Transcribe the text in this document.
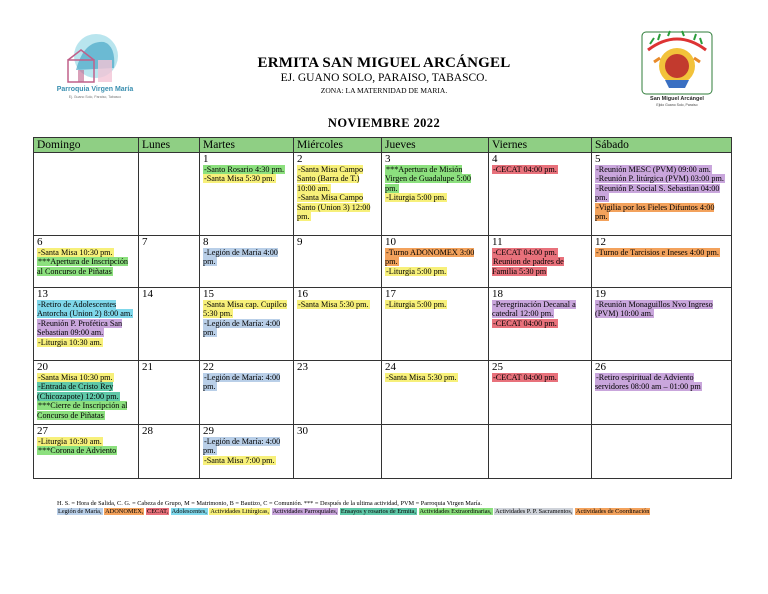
Parroquia Virgen María
Ej. Guano Solo, Paraíso, Tabasco	San Miguel Arcángel
Ejido Guano Solo, Paraíso
ERMITA SAN MIGUEL ARCÁNGEL
EJ. GUANO SOLO, PARAISO, TABASCO.
ZONA: LA MATERNIDAD DE MARIA.
NOVIEMBRE 2022
Domingo	Lunes	Martes	Miércoles	Jueves	Viernes	Sábado

		1
-Santo Rosario 4:30 pm.
-Santa Misa 5:30 pm.	2
-Santa Misa Campo Santo (Barra de T.) 10:00 am.
-Santa Misa Campo Santo (Union 3) 12:00 pm.	3
***Apertura de Misión Virgen de Guadalupe 5:00 pm.
-Liturgia 5:00 pm.	4
-CECAT 04:00 pm.	5
-Reunión MESC (PVM) 09:00 am.
-Reunión P. litúrgica (PVM) 03:00 pm.
-Reunión P. Social S. Sebastian 04:00 pm.
-Vigilia por los Fieles Difuntos 4:00 pm.

6
-Santa Misa 10:30 pm.
***Apertura de Inscripción al Concurso de Piñatas	7	8
-Legión de María 4:00 pm.	9	10
-Turno ADONOMEX 3:00 pm.
-Liturgia 5:00 pm.	11
-CECAT 04:00 pm.
Reunion de padres de Familia 5:30 pm	12
-Turno de Tarcisios e Ineses 4:00 pm.

13
-Retiro de Adolescentes Antorcha (Union 2) 8:00 am.
-Reunión P. Profética San Sebastian 09:00 am.
-Liturgia 10:30 am.	14	15
-Santa Misa cap. Cupilco 5:30 pm.
-Legión de María: 4:00 pm.	16
-Santa Misa 5:30 pm.	17
-Liturgia 5:00 pm.	18
-Peregrinación Decanal a catedral 12:00 pm.
-CECAT 04:00 pm.	19
-Reunión Monaguillos Nvo Ingreso (PVM) 10:00 am.

20
-Santa Misa 10:30 pm.
-Entrada de Cristo Rey (Chicozapote) 12:00 pm.
***Cierre de Inscripción al Concurso de Piñatas	21	22
-Legión de María: 4:00 pm.	23	24
-Santa Misa 5:30 pm.	25
-CECAT 04:00 pm.	26
-Retiro espiritual de Adviento servidores 08:00 am – 01:00 pm

27
-Liturgia 10:30 am.
***Corona de Adviento	28	29
-Legión de María: 4:00 pm.
-Santa Misa 7:00 pm.	30			

H. S. = Hora de Salida, C. G. = Cabeza de Grupo, M = Matrimonio, B = Bautizo, C = Comunión. *** = Después de la ultima actividad, PVM = Parroquia Virgen María.
Legión de María, ADONOMEX, CECAT, Adolescentes, Actividades Litúrgicas, Actividades Parroquiales, Ensayos y rosarios de Ermita, Actividades Extraordinarias, Actividades P. P. Sacramentos, Actividades de Coordinación
